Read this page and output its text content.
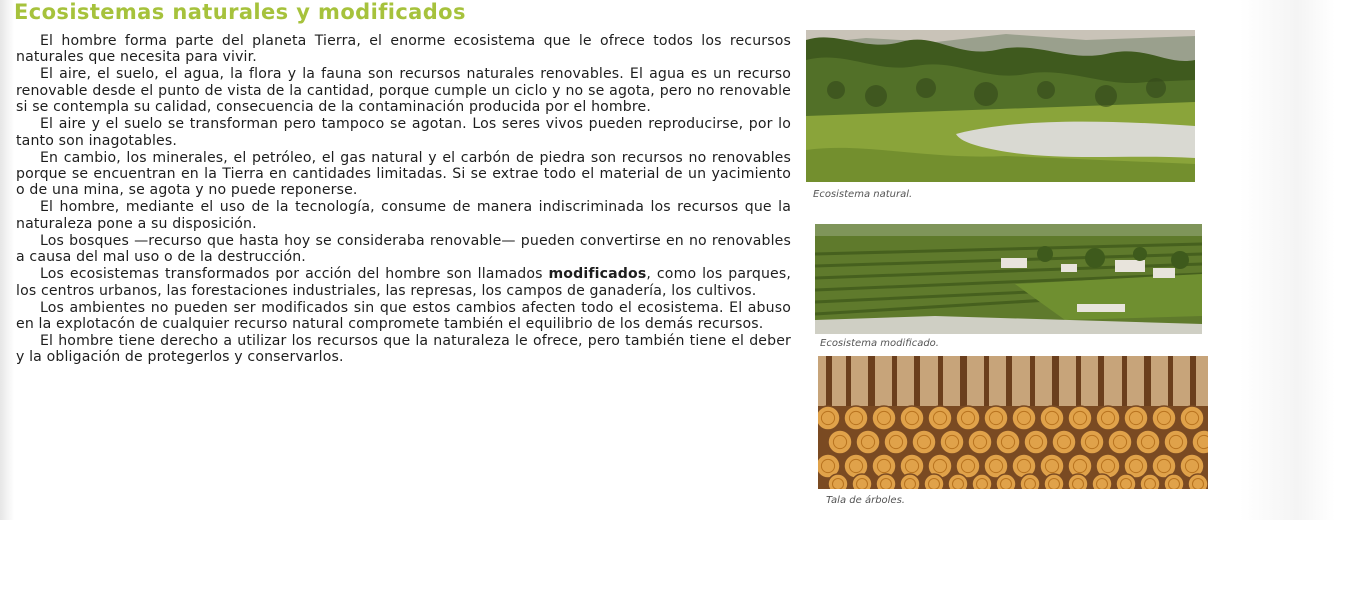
Ecosistemas naturales y modificados

El hombre forma parte del planeta Tierra, el enorme ecosistema que le ofrece todos los recursos naturales que necesita para vivir.

El aire, el suelo, el agua, la flora y la fauna son recursos naturales renovables. El agua es un recurso renovable desde el punto de vista de la cantidad, porque cumple un ciclo y no se agota, pero no renovable si se contempla su calidad, consecuencia de la contaminación producida por el hombre.

El aire y el suelo se transforman pero tampoco se agotan. Los seres vivos pueden reproducirse, por lo tanto son inagotables.

En cambio, los minerales, el petróleo, el gas natural y el carbón de piedra son recursos no renovables porque se encuentran en la Tierra en cantidades limitadas. Si se extrae todo el material de un yacimiento o de una mina, se agota y no puede reponerse.

El hombre, mediante el uso de la tecnología, consume de manera indiscriminada los recursos que la naturaleza pone a su disposición.

Los bosques —recurso que hasta hoy se consideraba renovable— pueden convertirse en no renovables a causa del mal uso o de la destrucción.

Los ecosistemas transformados por acción del hombre son llamados modificados, como los parques, los centros urbanos, las forestaciones industriales, las represas, los campos de ganadería, los cultivos.

Los ambientes no pueden ser modificados sin que estos cambios afecten todo el ecosistema. El abuso en la explotacón de cualquier recurso natural compromete también el equilibrio de los demás recursos.

El hombre tiene derecho a utilizar los recursos que la naturaleza le ofrece, pero también tiene el deber y la obligación de protegerlos y conservarlos.

Ecosistema natural.
Ecosistema modificado.
Tala de árboles.
